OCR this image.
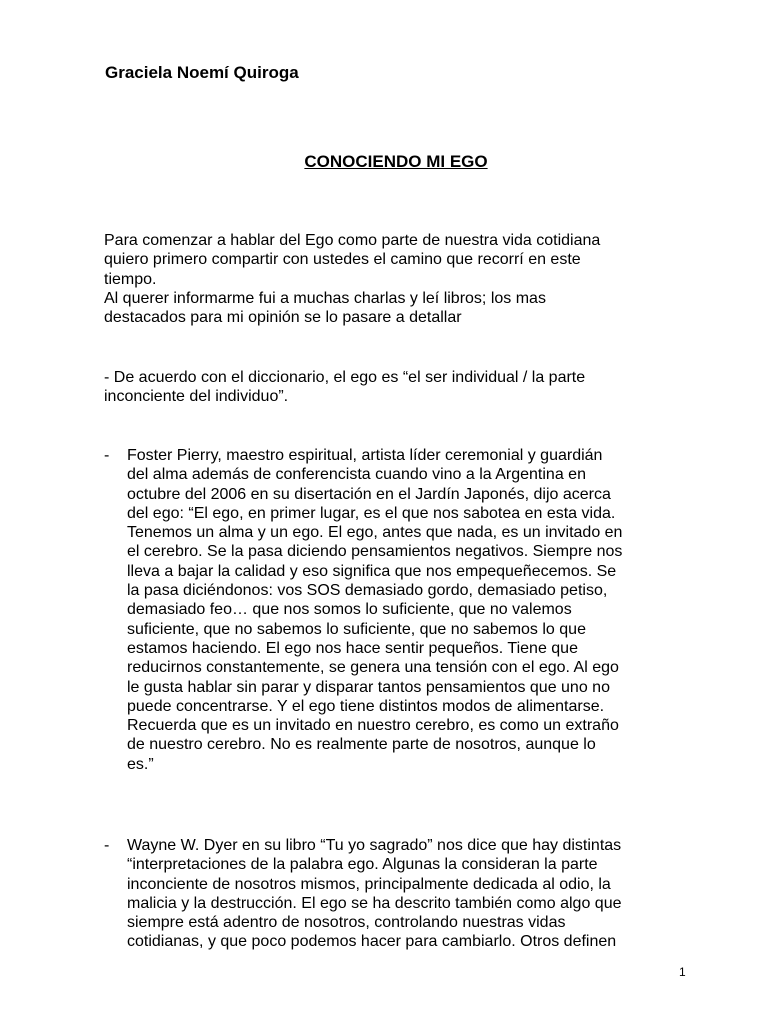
Graciela Noemí Quiroga

CONOCIENDO MI EGO

Para comenzar a hablar del Ego como parte de nuestra vida cotidiana
quiero primero compartir con ustedes el camino que recorrí en este
tiempo.
Al querer informarme fui a muchas charlas y leí libros; los mas
destacados para mi opinión se lo pasare a detallar

- De acuerdo con el diccionario, el ego es “el ser individual / la parte
inconciente del individuo”.

- Foster Pierry, maestro espiritual, artista líder ceremonial y guardián
del alma además de conferencista cuando vino a la Argentina en
octubre del 2006 en su disertación en el Jardín Japonés, dijo acerca
del ego: “El ego, en primer lugar, es el que nos sabotea en esta vida.
Tenemos un alma y un ego. El ego, antes que nada, es un invitado en
el cerebro. Se la pasa diciendo pensamientos negativos. Siempre nos
lleva a bajar la calidad y eso significa que nos empequeñecemos. Se
la pasa diciéndonos: vos SOS demasiado gordo, demasiado petiso,
demasiado feo… que nos somos lo suficiente, que no valemos
suficiente, que no sabemos lo suficiente, que no sabemos lo que
estamos haciendo. El ego nos hace sentir pequeños. Tiene que
reducirnos constantemente, se genera una tensión con el ego. Al ego
le gusta hablar sin parar y disparar tantos pensamientos que uno no
puede concentrarse. Y el ego tiene distintos modos de alimentarse.
Recuerda que es un invitado en nuestro cerebro, es como un extraño
de nuestro cerebro. No es realmente parte de nosotros, aunque lo
es.”
- Wayne W. Dyer en su libro “Tu yo sagrado” nos dice que hay distintas
“interpretaciones de la palabra ego. Algunas la consideran la parte
inconciente de nosotros mismos, principalmente dedicada al odio, la
malicia y la destrucción. El ego se ha descrito también como algo que
siempre está adentro de nosotros, controlando nuestras vidas
cotidianas, y que poco podemos hacer para cambiarlo. Otros definen

1
